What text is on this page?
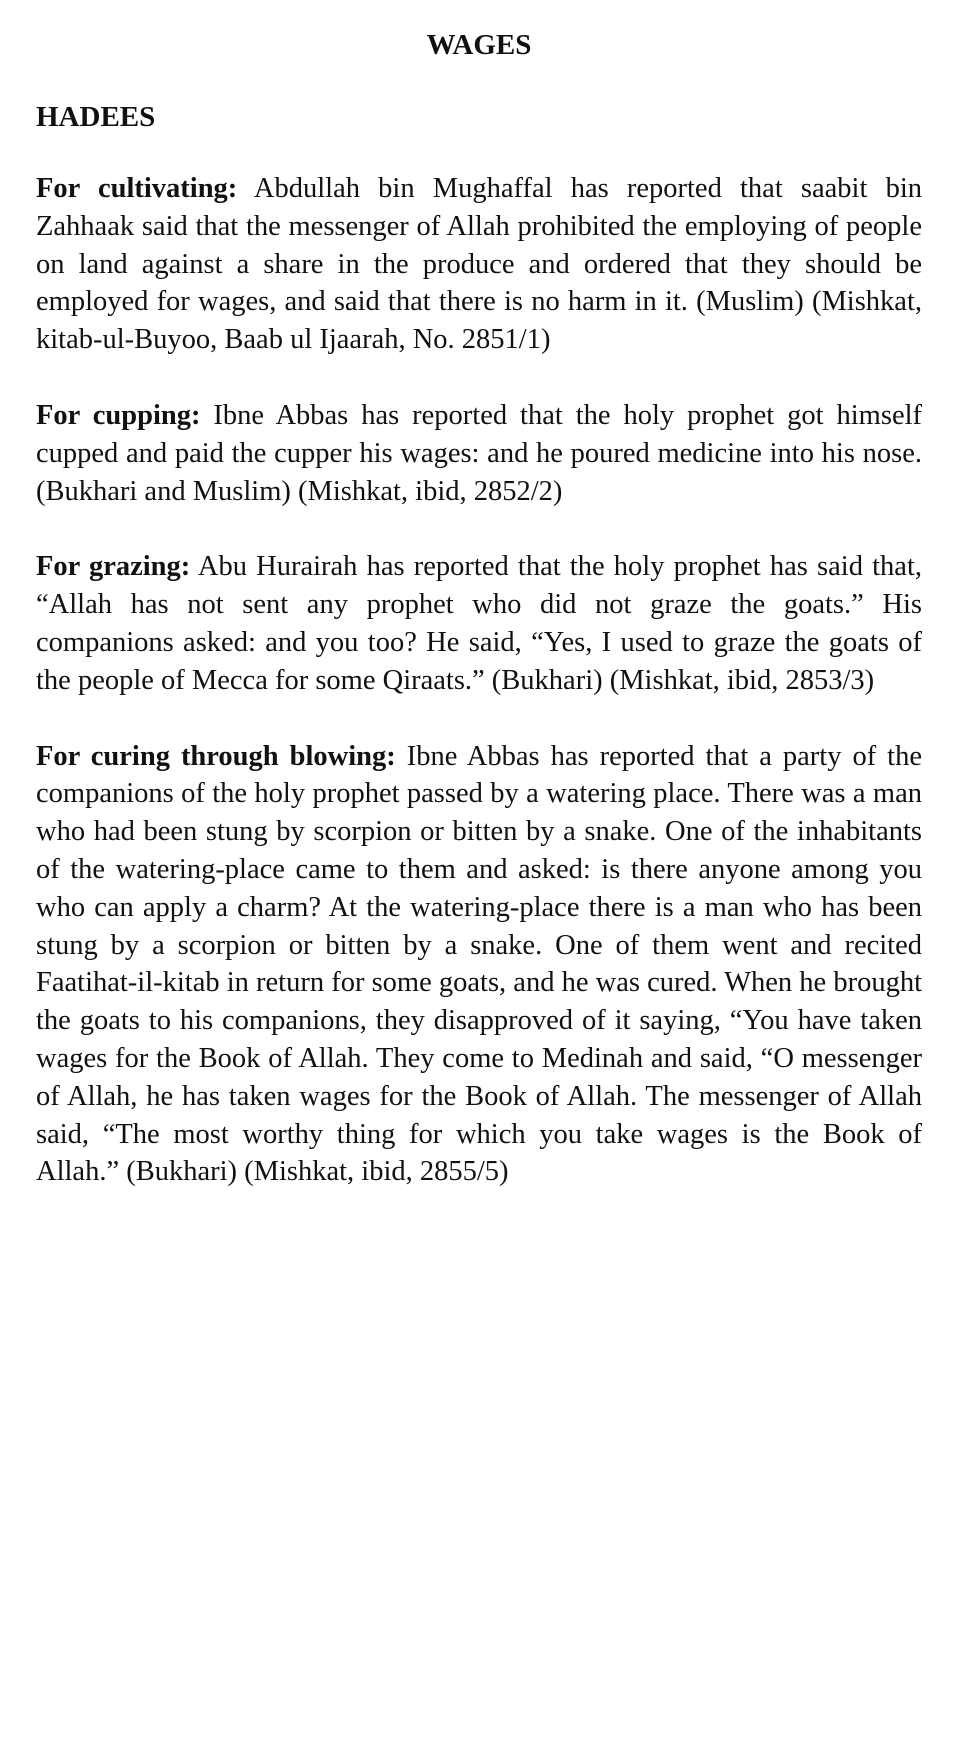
WAGES
HADEES

For cultivating: Abdullah bin Mughaffal has reported that saabit bin Zahhaak said that the messenger of Allah prohibited the employing of people on land against a share in the produce and ordered that they should be employed for wages, and said that there is no harm in it. (Muslim) (Mishkat, kitab-ul-Buyoo, Baab ul Ijaarah, No. 2851/1)

For cupping: Ibne Abbas has reported that the holy prophet got himself cupped and paid the cupper his wages: and he poured medicine into his nose. (Bukhari and Muslim) (Mishkat, ibid, 2852/2)

For grazing: Abu Hurairah has reported that the holy prophet has said that, “Allah has not sent any prophet who did not graze the goats.” His companions asked: and you too? He said, “Yes, I used to graze the goats of the people of Mecca for some Qiraats.” (Bukhari) (Mishkat, ibid, 2853/3)

For curing through blowing: Ibne Abbas has reported that a party of the companions of the holy prophet passed by a watering place. There was a man who had been stung by scorpion or bitten by a snake. One of the inhabitants of the watering-place came to them and asked: is there anyone among you who can apply a charm? At the watering-place there is a man who has been stung by a scorpion or bitten by a snake. One of them went and recited Faatihat-il-kitab in return for some goats, and he was cured. When he brought the goats to his companions, they disapproved of it saying, “You have taken wages for the Book of Allah. They come to Medinah and said, “O messenger of Allah, he has taken wages for the Book of Allah. The messenger of Allah said, “The most worthy thing for which you take wages is the Book of Allah.” (Bukhari) (Mishkat, ibid, 2855/5)
